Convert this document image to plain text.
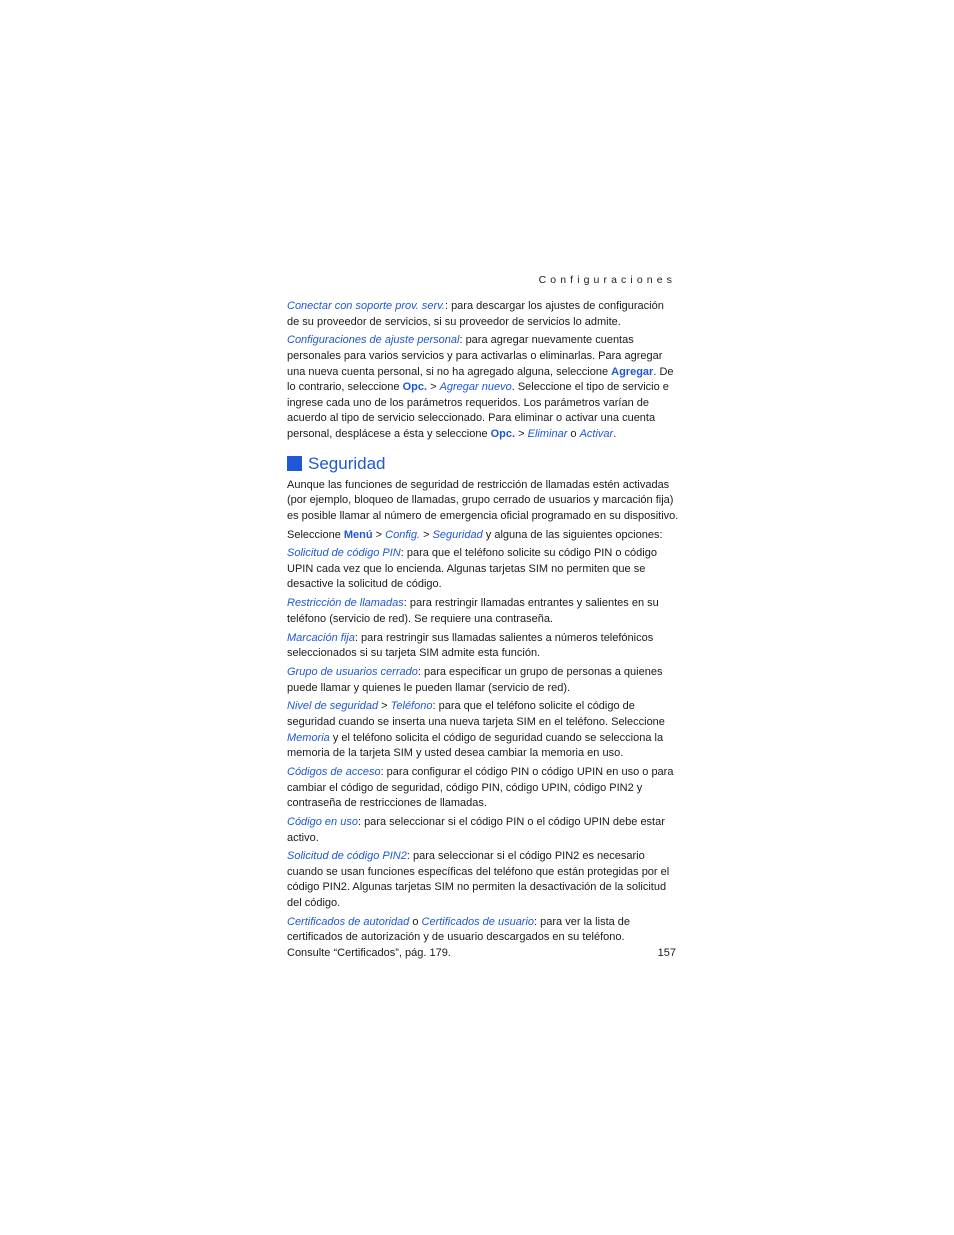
Configuraciones

Conectar con soporte prov. serv.: para descargar los ajustes de configuración de su proveedor de servicios, si su proveedor de servicios lo admite.

Configuraciones de ajuste personal: para agregar nuevamente cuentas personales para varios servicios y para activarlas o eliminarlas. Para agregar una nueva cuenta personal, si no ha agregado alguna, seleccione Agregar. De lo contrario, seleccione Opc. > Agregar nuevo. Seleccione el tipo de servicio e ingrese cada uno de los parámetros requeridos. Los parámetros varían de acuerdo al tipo de servicio seleccionado. Para eliminar o activar una cuenta personal, desplácese a ésta y seleccione Opc. > Eliminar o Activar.

Seguridad

Aunque las funciones de seguridad de restricción de llamadas estén activadas (por ejemplo, bloqueo de llamadas, grupo cerrado de usuarios y marcación fija) es posible llamar al número de emergencia oficial programado en su dispositivo.

Seleccione Menú > Config. > Seguridad y alguna de las siguientes opciones:

Solicitud de código PIN: para que el teléfono solicite su código PIN o código UPIN cada vez que lo encienda. Algunas tarjetas SIM no permiten que se desactive la solicitud de código.

Restricción de llamadas: para restringir llamadas entrantes y salientes en su teléfono (servicio de red). Se requiere una contraseña.

Marcación fija: para restringir sus llamadas salientes a números telefónicos seleccionados si su tarjeta SIM admite esta función.

Grupo de usuarios cerrado: para especificar un grupo de personas a quienes puede llamar y quienes le pueden llamar (servicio de red).

Nivel de seguridad > Teléfono: para que el teléfono solicite el código de seguridad cuando se inserta una nueva tarjeta SIM en el teléfono. Seleccione Memoria y el teléfono solicita el código de seguridad cuando se selecciona la memoria de la tarjeta SIM y usted desea cambiar la memoria en uso.

Códigos de acceso: para configurar el código PIN o código UPIN en uso o para cambiar el código de seguridad, código PIN, código UPIN, código PIN2 y contraseña de restricciones de llamadas.

Código en uso: para seleccionar si el código PIN o el código UPIN debe estar activo.

Solicitud de código PIN2: para seleccionar si el código PIN2 es necesario cuando se usan funciones específicas del teléfono que están protegidas por el código PIN2. Algunas tarjetas SIM no permiten la desactivación de la solicitud del código.

Certificados de autoridad o Certificados de usuario: para ver la lista de certificados de autorización y de usuario descargados en su teléfono.
Consulte “Certificados”, pág. 179.	157
